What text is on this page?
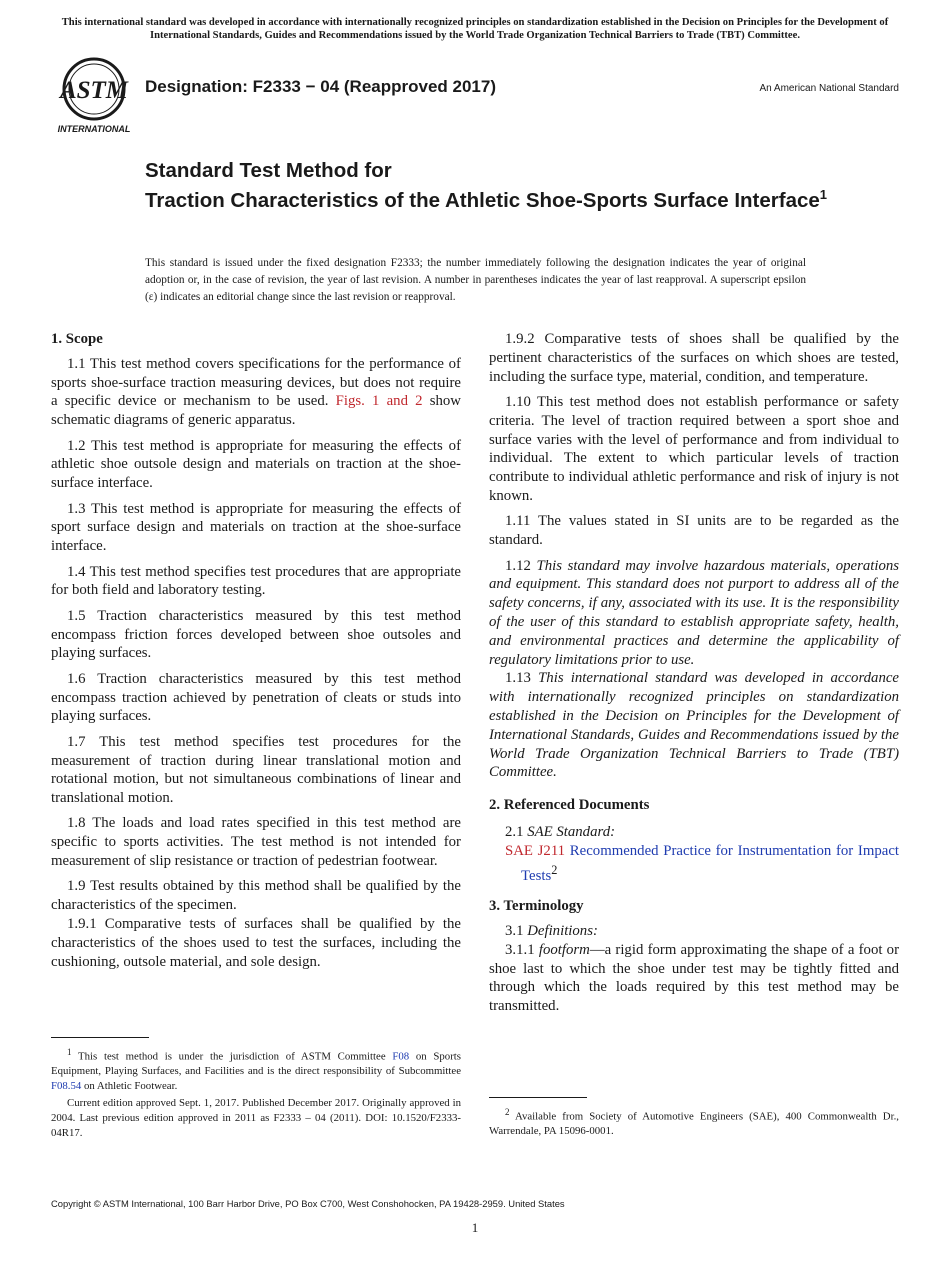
This international standard was developed in accordance with internationally recognized principles on standardization established in the Decision on Principles for the Development of International Standards, Guides and Recommendations issued by the World Trade Organization Technical Barriers to Trade (TBT) Committee.
ASTM
INTERNATIONAL
Designation: F2333 − 04 (Reapproved 2017)	An American National Standard
Standard Test Method for
Traction Characteristics of the Athletic Shoe-Sports Surface Interface$^1$
This standard is issued under the fixed designation F2333; the number immediately following the designation indicates the year of original adoption or, in the case of revision, the year of last revision. A number in parentheses indicates the year of last reapproval. A superscript epsilon (ε) indicates an editorial change since the last revision or reapproval.
1. Scope

1.1 This test method covers specifications for the performance of sports shoe-surface traction measuring devices, but does not require a specific device or mechanism to be used. Figs. 1 and 2 show schematic diagrams of generic apparatus.

1.2 This test method is appropriate for measuring the effects of athletic shoe outsole design and materials on traction at the shoe-surface interface.

1.3 This test method is appropriate for measuring the effects of sport surface design and materials on traction at the shoe-surface interface.

1.4 This test method specifies test procedures that are appropriate for both field and laboratory testing.

1.5 Traction characteristics measured by this test method encompass friction forces developed between shoe outsoles and playing surfaces.

1.6 Traction characteristics measured by this test method encompass traction achieved by penetration of cleats or studs into playing surfaces.

1.7 This test method specifies test procedures for the measurement of traction during linear translational motion and rotational motion, but not simultaneous combinations of linear and translational motion.

1.8 The loads and load rates specified in this test method are specific to sports activities. The test method is not intended for measurement of slip resistance or traction of pedestrian footwear.

1.9 Test results obtained by this method shall be qualified by the characteristics of the specimen.

1.9.1 Comparative tests of surfaces shall be qualified by the characteristics of the shoes used to test the surfaces, including the cushioning, outsole material, and sole design.

$^1$ This test method is under the jurisdiction of ASTM Committee F08 on Sports Equipment, Playing Surfaces, and Facilities and is the direct responsibility of Subcommittee F08.54 on Athletic Footwear.

Current edition approved Sept. 1, 2017. Published December 2017. Originally approved in 2004. Last previous edition approved in 2011 as F2333 – 04 (2011). DOI: 10.1520/F2333-04R17.

1.9.2 Comparative tests of shoes shall be qualified by the pertinent characteristics of the surfaces on which shoes are tested, including the surface type, material, condition, and temperature.

1.10 This test method does not establish performance or safety criteria. The level of traction required between a sport shoe and surface varies with the level of performance and from individual to individual. The extent to which particular levels of traction contribute to individual athletic performance and risk of injury is not known.

1.11 The values stated in SI units are to be regarded as the standard.

1.12 This standard may involve hazardous materials, operations and equipment. This standard does not purport to address all of the safety concerns, if any, associated with its use. It is the responsibility of the user of this standard to establish appropriate safety, health, and environmental practices and determine the applicability of regulatory limitations prior to use.

1.13 This international standard was developed in accordance with internationally recognized principles on standardization established in the Decision on Principles for the Development of International Standards, Guides and Recommendations issued by the World Trade Organization Technical Barriers to Trade (TBT) Committee.

2. Referenced Documents

2.1 SAE Standard:

SAE J211 Recommended Practice for Instrumentation for Impact Tests$^2$
3. Terminology

3.1 Definitions:

3.1.1 footform—a rigid form approximating the shape of a foot or shoe last to which the shoe under test may be tightly fitted and through which the loads required by this test method may be transmitted.

$^2$ Available from Society of Automotive Engineers (SAE), 400 Commonwealth Dr., Warrendale, PA 15096-0001.

Copyright © ASTM International, 100 Barr Harbor Drive, PO Box C700, West Conshohocken, PA 19428-2959. United States
1
